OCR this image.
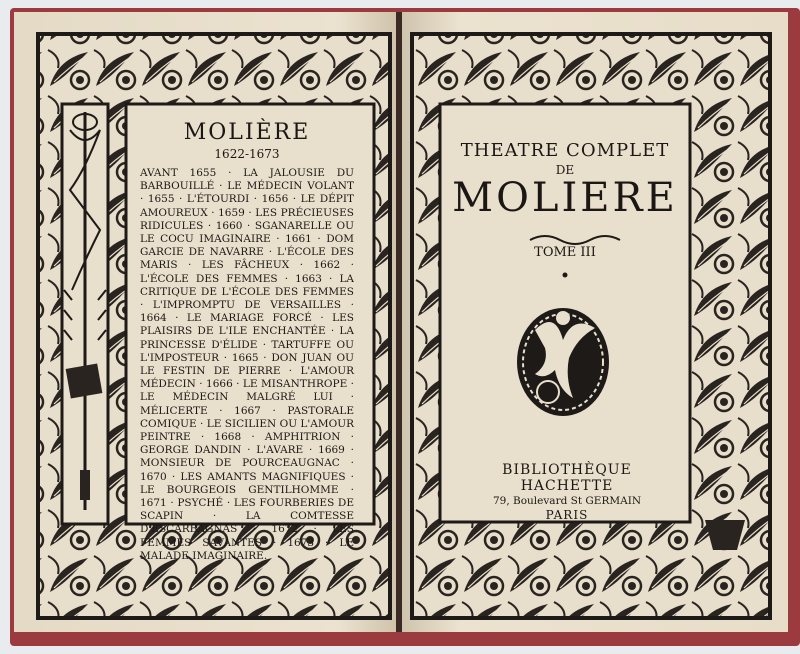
MOLIÈRE
1622-1673
AVANT 1655 · LA JALOUSIE DU BARBOUILLÉ · LE MÉDECIN VOLANT · 1655 · L'ÉTOURDI · 1656 · LE DÉPIT AMOUREUX · 1659 · LES PRÉCIEUSES RIDICULES · 1660 · SGANARELLE OU LE COCU IMAGINAIRE · 1661 · DOM GARCIE DE NAVARRE · L'ÉCOLE DES MARIS · LES FÂCHEUX · 1662 · L'ÉCOLE DES FEMMES · 1663 · LA CRITIQUE DE L'ÉCOLE DES FEMMES · L'IMPROMPTU DE VERSAILLES · 1664 · LE MARIAGE FORCÉ · LES PLAISIRS DE L'ILE ENCHANTÉE · LA PRINCESSE D'ÉLIDE · TARTUFFE OU L'IMPOSTEUR · 1665 · DON JUAN OU LE FESTIN DE PIERRE · L'AMOUR MÉDECIN · 1666 · LE MISANTHROPE · LE MÉDECIN MALGRÉ LUI · MÉLICERTE · 1667 · PASTORALE COMIQUE · LE SICILIEN OU L'AMOUR PEINTRE · 1668 · AMPHITRION · GEORGE DANDIN · L'AVARE · 1669 · MONSIEUR DE POURCEAUGNAC · 1670 · LES AMANTS MAGNIFIQUES · LE BOURGEOIS GENTILHOMME · 1671 · PSYCHÉ · LES FOURBERIES DE SCAPIN · LA COMTESSE D'ESCARBAGNAS · 1672 · LES FEMMES SAVANTES · 1673 · LE MALADE IMAGINAIRE.
THEATRE COMPLET
DE
MOLIERE
TOME III
BIBLIOTHÈQUE HACHETTE
79, Boulevard St GERMAIN
PARIS
